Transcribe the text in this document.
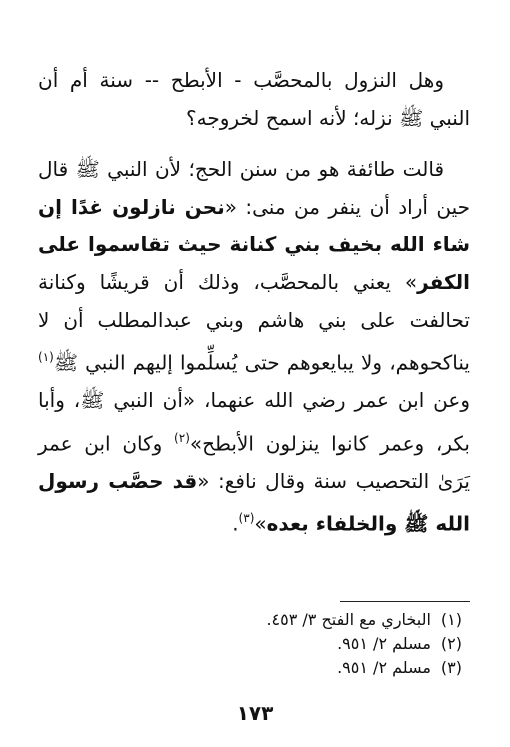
وهل النزول بالمحصَّب - الأبطح -- سنة أم أن النبي ﷺ نزله؛ لأنه اسمح لخروجه؟

قالت طائفة هو من سنن الحج؛ لأن النبي ﷺ قال حين أراد أن ينفر من منى: «نحن نازلون غدًا إن شاء الله بخيف بني كنانة حيث تقاسموا على الكفر» يعني بالمحصَّب، وذلك أن قريشًا وكنانة تحالفت على بني هاشم وبني عبدالمطلب أن لا يناكحوهم، ولا يبايعوهم حتى يُسلِّموا إليهم النبي ﷺ$^{(١)}$ وعن ابن عمر رضي الله عنهما، «أن النبي ﷺ، وأبا بكر، وعمر كانوا ينزلون الأبطح»$^{(٢)}$ وكان ابن عمر يَرَىٰ التحصيب سنة وقال نافع: «قد حصَّب رسول الله ﷺ والخلفاء بعده»$^{(٣)}$.

(١)البخاري مع الفتح ٣/ ٤٥٣.

(٢)مسلم ٢/ ٩٥١.

(٣)مسلم ٢/ ٩٥١.

١٧٣
